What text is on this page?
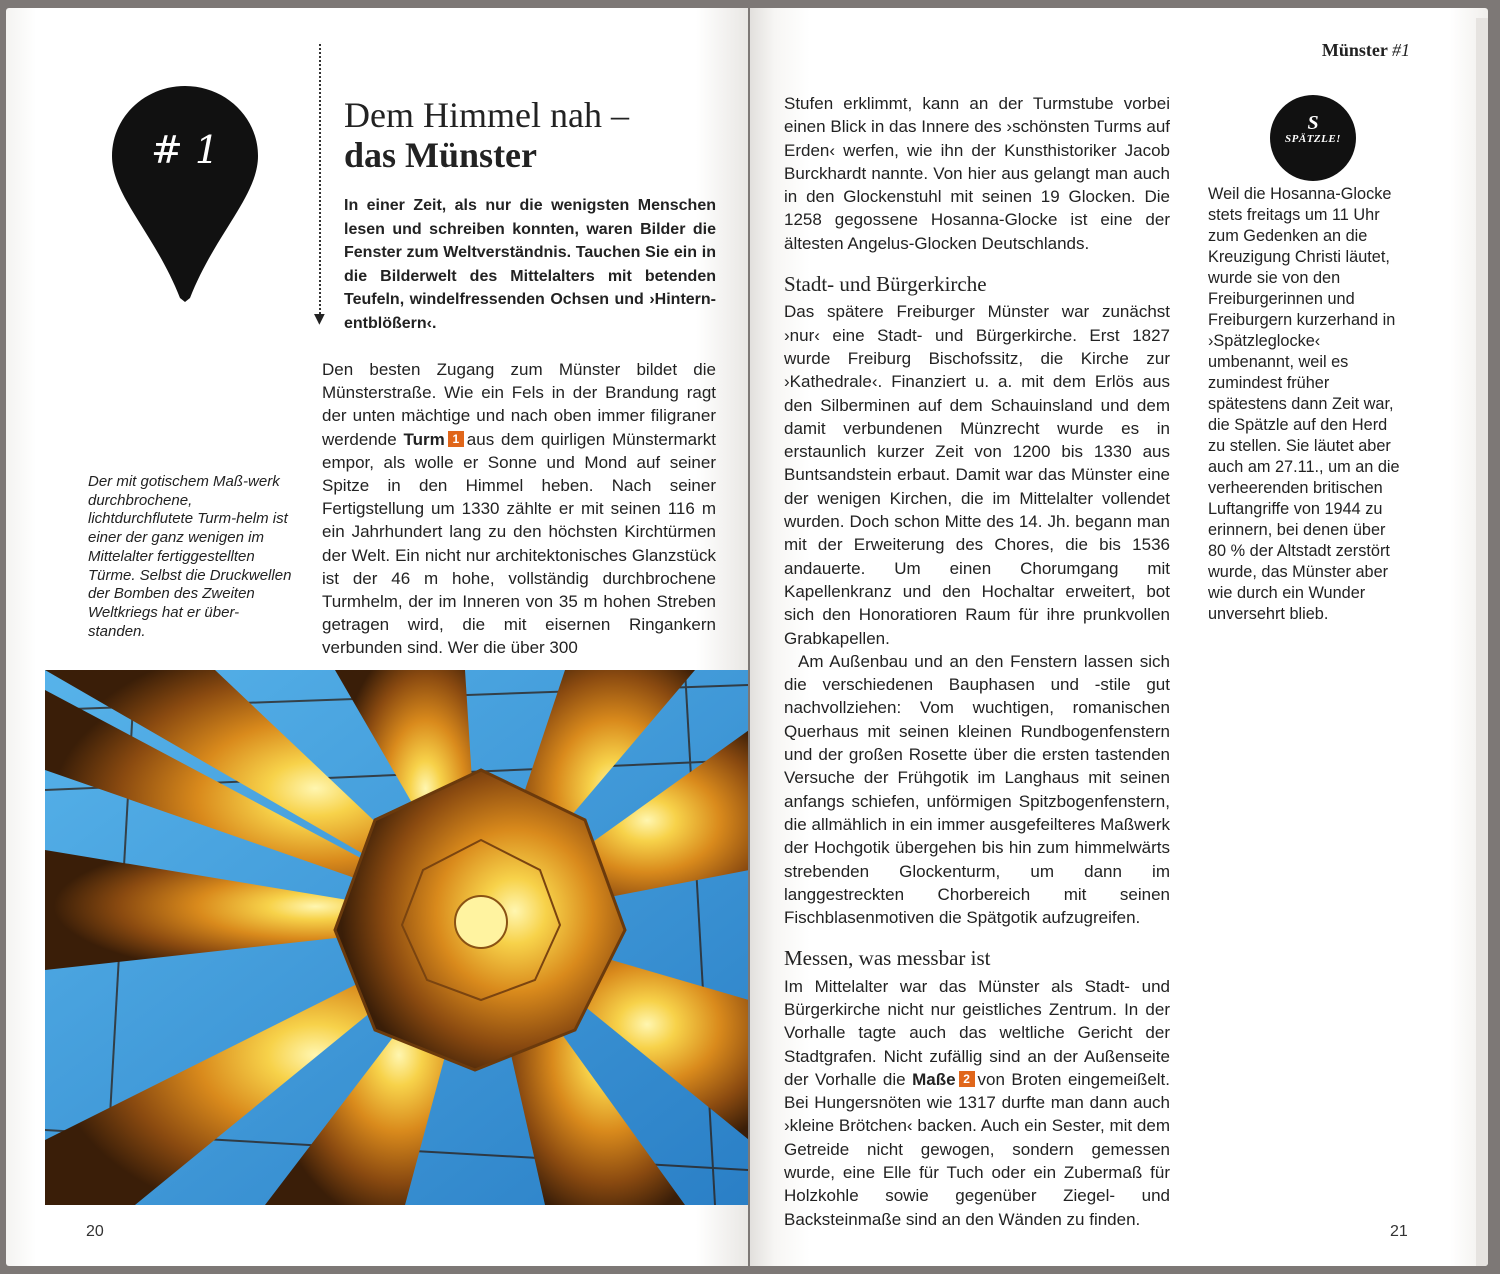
# 1
▼
Dem Himmel nah –
das Münster
In einer Zeit, als nur die wenigsten Menschen lesen und schreiben konnten, waren Bilder die Fenster zum Weltverständnis. Tauchen Sie ein in die Bilderwelt des Mittelalters mit betenden Teufeln, windelfressenden Ochsen und ›Hintern-entblößern‹.
Der mit gotischem Maß-werk durchbrochene, lichtdurchflutete Turm-helm ist einer der ganz wenigen im Mittelalter fertiggestellten Türme. Selbst die Druckwellen der Bomben des Zweiten Weltkriegs hat er über-standen.
Den besten Zugang zum Münster bildet die Münsterstraße. Wie ein Fels in der Brandung ragt der unten mächtige und nach oben immer filigraner werdende Turm 1 aus dem quirligen Münstermarkt empor, als wolle er Sonne und Mond auf seiner Spitze in den Himmel heben. Nach seiner Fertigstellung um 1330 zählte er mit seinen 116 m ein Jahrhundert lang zu den höchsten Kirchtürmen der Welt. Ein nicht nur architektonisches Glanzstück ist der 46 m hohe, vollständig durchbrochene Turmhelm, der im Inneren von 35 m hohen Streben getragen wird, die mit eisernen Ringankern verbunden sind. Wer die über 300
20
Münster #1

Stufen erklimmt, kann an der Turmstube vorbei einen Blick in das Innere des ›schönsten Turms auf Erden‹ werfen, wie ihn der Kunsthistoriker Jacob Burckhardt nannte. Von hier aus gelangt man auch in den Glockenstuhl mit seinen 19 Glocken. Die 1258 gegossene Hosanna-Glocke ist eine der ältesten Angelus-Glocken Deutschlands.

Stadt- und Bürgerkirche

Das spätere Freiburger Münster war zunächst ›nur‹ eine Stadt- und Bürgerkirche. Erst 1827 wurde Freiburg Bischofssitz, die Kirche zur ›Kathedrale‹. Finanziert u. a. mit dem Erlös aus den Silberminen auf dem Schauinsland und dem damit verbundenen Münzrecht wurde es in erstaunlich kurzer Zeit von 1200 bis 1330 aus Buntsandstein erbaut. Damit war das Münster eine der wenigen Kirchen, die im Mittelalter vollendet wurden. Doch schon Mitte des 14. Jh. begann man mit der Erweiterung des Chores, die bis 1536 andauerte. Um einen Chorumgang mit Kapellenkranz und den Hochaltar erweitert, bot sich den Honoratioren Raum für ihre prunkvollen Grabkapellen.

Am Außenbau und an den Fenstern lassen sich die verschiedenen Bauphasen und -stile gut nachvollziehen: Vom wuchtigen, romanischen Querhaus mit seinen kleinen Rundbogenfenstern und der großen Rosette über die ersten tastenden Versuche der Frühgotik im Langhaus mit seinen anfangs schiefen, unförmigen Spitzbogenfenstern, die allmählich in ein immer ausgefeilteres Maßwerk der Hochgotik übergehen bis hin zum himmelwärts strebenden Glockenturm, um dann im langgestreckten Chorbereich mit seinen Fischblasenmotiven die Spätgotik aufzugreifen.

Messen, was messbar ist

Im Mittelalter war das Münster als Stadt- und Bürgerkirche nicht nur geistliches Zentrum. In der Vorhalle tagte auch das weltliche Gericht der Stadtgrafen. Nicht zufällig sind an der Außenseite der Vorhalle die Maße 2 von Broten eingemeißelt. Bei Hungersnöten wie 1317 durfte man dann auch ›kleine Brötchen‹ backen. Auch ein Sester, mit dem Getreide nicht gewogen, sondern gemessen wurde, eine Elle für Tuch oder ein Zubermaß für Holzkohle sowie gegenüber Ziegel- und Backsteinmaße sind an den Wänden zu finden.

S
SPÄTZLE!
Weil die Hosanna-Glocke stets freitags um 11 Uhr zum Gedenken an die Kreuzigung Christi läutet, wurde sie von den Freiburgerinnen und Freiburgern kurzerhand in ›Spätzleglocke‹ umbenannt, weil es zumindest früher spätestens dann Zeit war, die Spätzle auf den Herd zu stellen. Sie läutet aber auch am 27.11., um an die verheerenden britischen Luftangriffe von 1944 zu erinnern, bei denen über 80 % der Altstadt zerstört wurde, das Münster aber wie durch ein Wunder unversehrt blieb.
21
